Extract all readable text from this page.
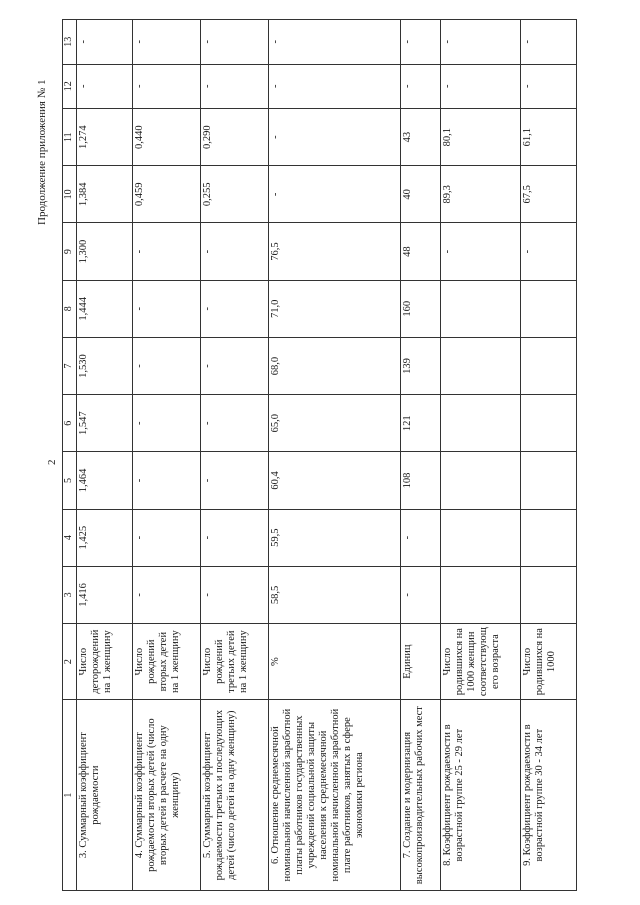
2
Продолжение приложения № 1
1	2	3	4	5	6	7	8	9	10	11	12	13
3. Суммарный коэффициент рождаемости	Число деторождений на 1 женщину	1,416	1,425	1,464	1,547	1,530	1,444	1,300	1,384	1,274	-	-
4. Суммарный коэффициент рождаемости вторых детей (число вторых детей в расчете на одну женщину)	Число рождений вторых детей на 1 женщину	-	-	-	-	-	-	-	0,459	0,440	-	-
5. Суммарный коэффициент рождаемости третьих и последующих детей (число детей на одну женщину)	Число рождений третьих детей на 1 женщину	-	-	-	-	-	-	-	0,255	0,290	-	-
6. Отношение среднемесячной номинальной начисленной заработной платы работников государственных учреждений социальной защиты населения к среднемесячной номинальной начисленной заработной плате работников, занятых в сфере экономики региона	%	58,5	59,5	60,4	65,0	68,0	71,0	76,5	-	-	-	-
7. Создание и модернизация высокопроизводительных рабочих мест	Единиц	-	-	108	121	139	160	48	40	43	-	-
8. Коэффициент рождаемости в возрастной группе 25 - 29 лет	Число родившихся на 1000 женщин соответствующего возраста							-	89,3	80,1	-	-
9. Коэффициент рождаемости в возрастной группе 30 - 34 лет	Число родившихся на 1000							-	67,5	61,1	-	-
